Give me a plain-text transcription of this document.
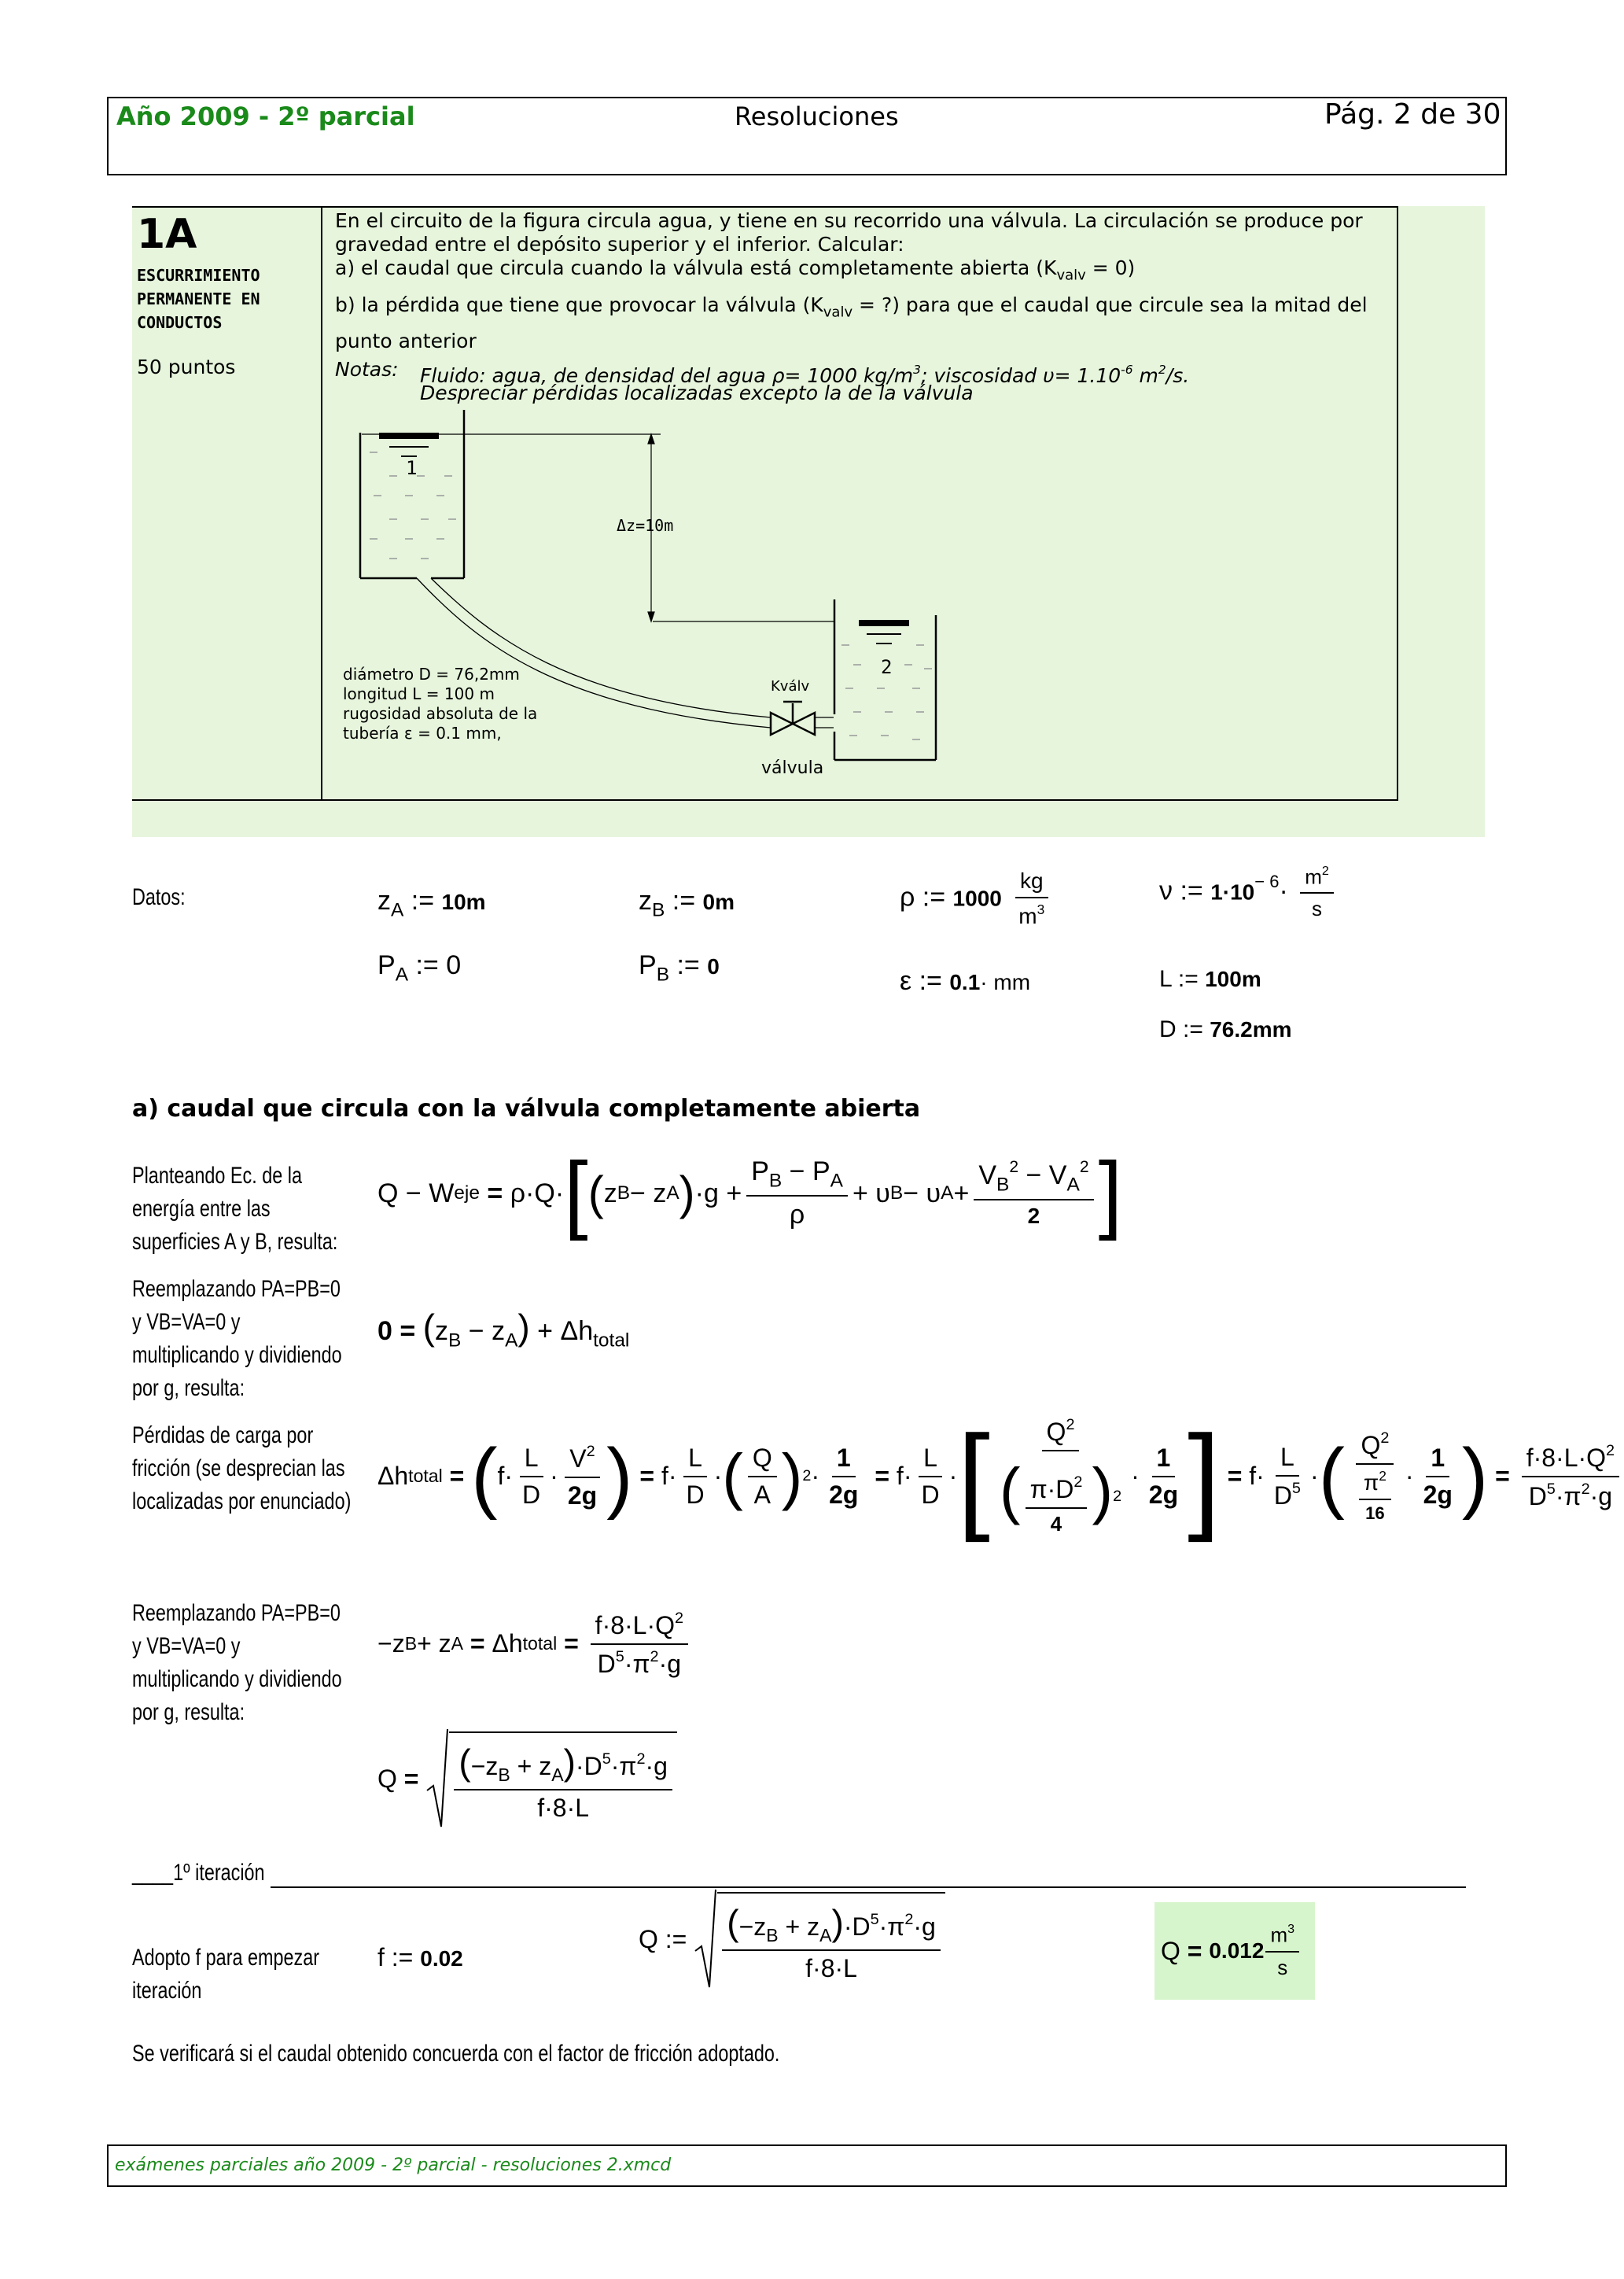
Año 2009 - 2º parcial	Resoluciones	Pág. 2 de 30
1A
ESCURRIMIENTO
PERMANENTE EN
CONDUCTOS
50 puntos
En el circuito de la figura circula agua, y tiene en su recorrido una válvula. La circulación se produce por
gravedad entre el depósito superior y el inferior. Calcular:
a) el caudal que circula cuando la válvula está completamente abierta $(K_{valv} = 0)$
b) la pérdida que tiene que provocar la válvula ($K_{valv}$ = ?) para que el caudal que circule sea la mitad del
punto anterior
Notas: Fluido: agua, de densidad del agua ρ= 1000 $kg/m^3$; viscosidad $\upsilon= 1.10^{-6}$ $m^2/s$.
Despreciar pérdidas localizadas excepto la de la válvula
1
Δz=10m
Kválv
válvula
2
diámetro D = 76,2mm
longitud L = 100 m
rugosidad absoluta de la
tubería ε = 0.1 mm,
Datos:	$z_A$ := 10m	$z_B$ := 0m	ρ := $1000 \frac{kg}{m^3}$	ν := $1\cdot 10^{- 6}\cdot \frac{m^2}{s}$
$P_A$ := 0	$P_B$ := 0	ε := 0.1· mm	L := 100m
D := 76.2mm
a) caudal que circula con la válvula completamente abierta
Planteando Ec. de la
energía entre las
superficies A y B, resulta:
Q − W eje
= ρ·Q· [ ( z B − z A ) $\cdot g + \frac{P_B - P_A}{\rho} + \upsilon$ B − υ $A + \frac{V_B^2 - V_A^2}{2}$ ]
Reemplazando PA=PB=0
y VB=VA=0 y
multiplicando y dividiendo
por g, resulta:
$0 = (z_B - z_A) + \Delta h_{total}$
Pérdidas de carga por
fricción (se desprecian las
localizadas por enunciado)
Δh total
=
( $f\cdot \frac{L}{D} \cdot \frac{V^2}{2g}$ )
= $f\cdot \frac{L}{D}$ · ( $\frac{Q}{A}$ ) $2 \cdot \frac{1}{2g}$
= $f\cdot \frac{L}{D}$ · [ $\frac{Q^2}{( \frac{\pi\cdot D^2}{4} )^2} \cdot \frac{1}{2g}$ ]
= $f\cdot \frac{L}{D^5}$ · ( $\frac{Q^2}{\frac{\pi^2}{16}} \cdot \frac{1}{2g}$ )
=
$\frac{f\cdot 8\cdot L\cdot Q^2}{D^5\cdot\pi^2\cdot g}$
Reemplazando PA=PB=0
y VB=VA=0 y
multiplicando y dividiendo
por g, resulta:
−z B + z A
= Δh total
=
$\frac{f\cdot 8\cdot L\cdot Q^2}{D^5\cdot\pi^2\cdot g}$
Q =
$\frac{(-z_B + z_A)\cdot D^5\cdot\pi^2\cdot g}{f\cdot 8\cdot L}$
____1º iteración
Adopto f para empezar
iteración
f := 0.02
Q := $\frac{(-z_B + z_A)\cdot D^5\cdot\pi^2\cdot g}{f\cdot 8\cdot L}$	Q =
$0.012 \frac{m^3}{s}$
Se verificará si el caudal obtenido concuerda con el factor de fricción adoptado.
exámenes parciales año 2009 - 2º parcial - resoluciones 2.xmcd
